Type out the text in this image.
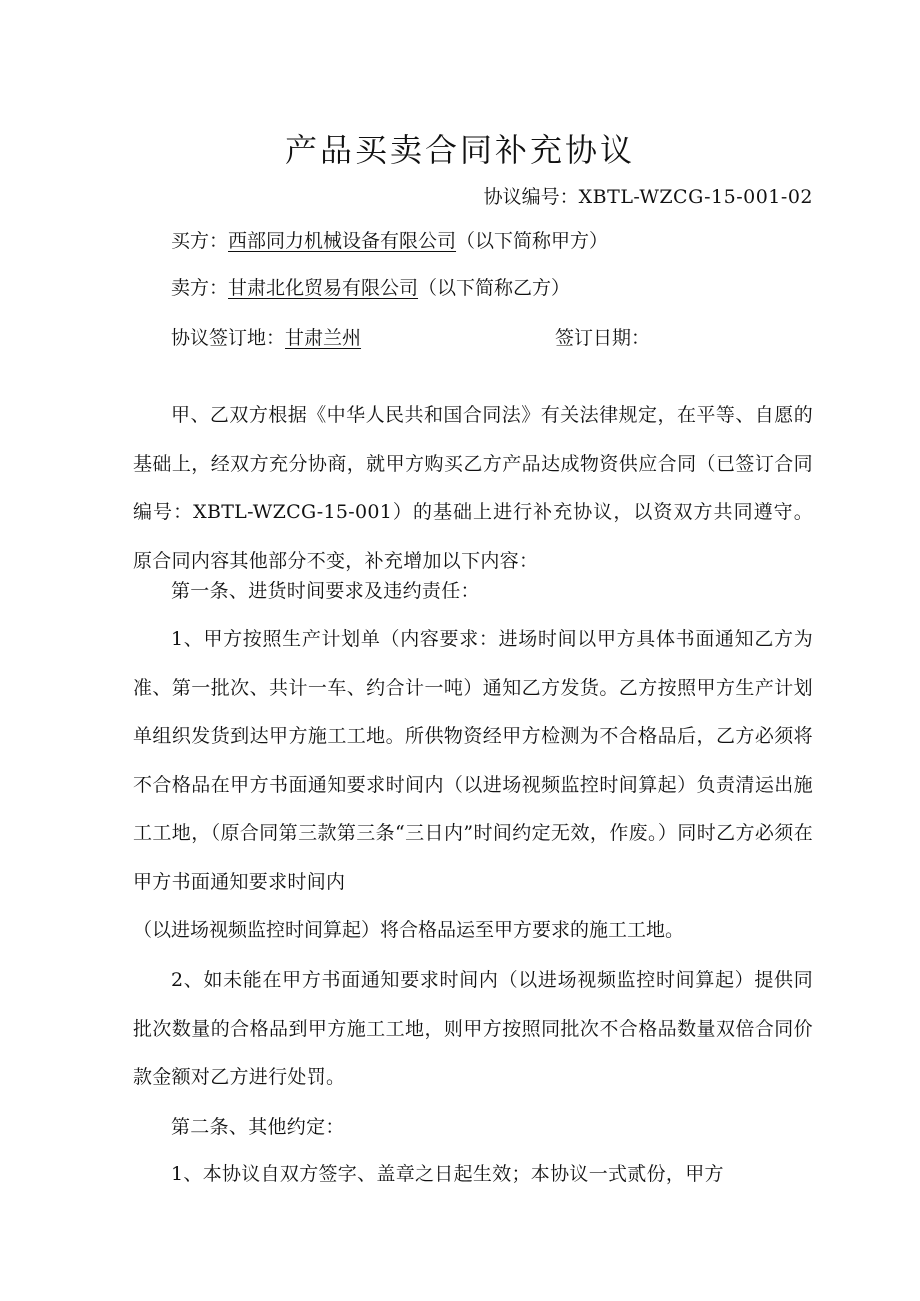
产品买卖合同补充协议
协议编号：XBTL-WZCG-15-001-02
买方：西部同力机械设备有限公司（以下简称甲方）
卖方：甘肃北化贸易有限公司（以下简称乙方）
协议签订地：甘肃兰州	签订日期：
甲、乙双方根据《中华人民共和国合同法》有关法律规定，在平等、自愿的基础上，经双方充分协商，就甲方购买乙方产品达成物资供应合同（已签订合同编号：XBTL-WZCG-15-001）的基础上进行补充协议，以资双方共同遵守。原合同内容其他部分不变，补充增加以下内容：
第一条、进货时间要求及违约责任：
1、甲方按照生产计划单（内容要求：进场时间以甲方具体书面通知乙方为准、第一批次、共计一车、约合计一吨）通知乙方发货。乙方按照甲方生产计划单组织发货到达甲方施工工地。所供物资经甲方检测为不合格品后，乙方必须将不合格品在甲方书面通知要求时间内（以进场视频监控时间算起）负责清运出施工工地，（原合同第三款第三条“三日内”时间约定无效，作废。）同时乙方必须在甲方书面通知要求时间内
（以进场视频监控时间算起）将合格品运至甲方要求的施工工地。
2、如未能在甲方书面通知要求时间内（以进场视频监控时间算起）提供同批次数量的合格品到甲方施工工地，则甲方按照同批次不合格品数量双倍合同价款金额对乙方进行处罚。
第二条、其他约定：
1、本协议自双方签字、盖章之日起生效；本协议一式贰份，甲方
